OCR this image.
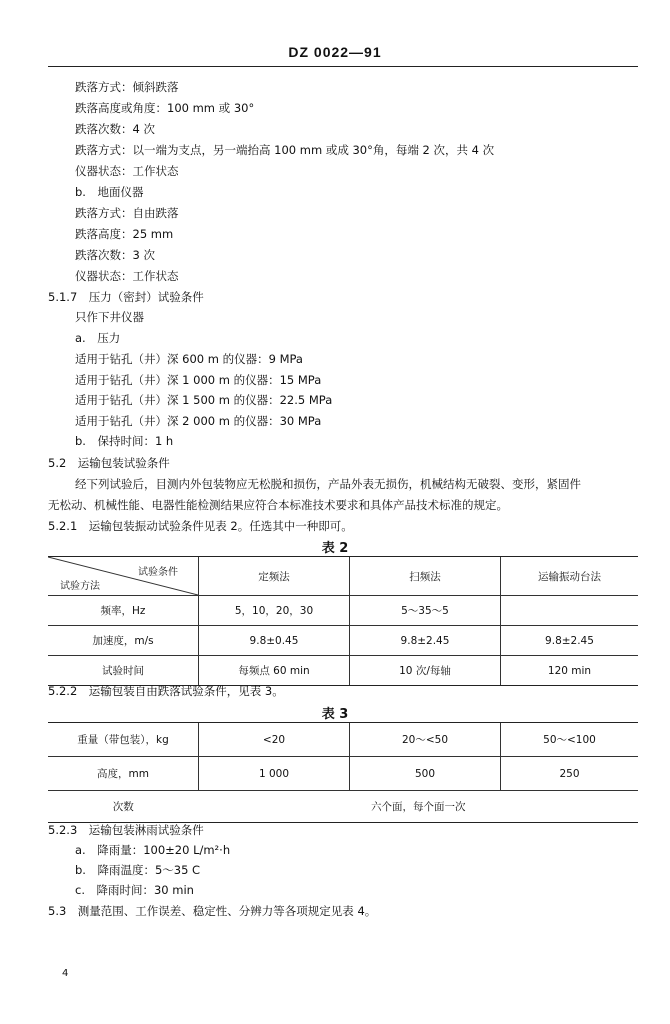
DZ 0022—91
跌落方式：倾斜跌落
跌落高度或角度：100 mm 或 30°
跌落次数：4 次
跌落方式：以一端为支点，另一端抬高 100 mm 或成 30°角，每端 2 次，共 4 次
仪器状态：工作状态
b.　地面仪器
跌落方式：自由跌落
跌落高度：25 mm
跌落次数：3 次
仪器状态：工作状态
5.1.7　压力（密封）试验条件
只作下井仪器
a.　压力
适用于钻孔（井）深 600 m 的仪器：9 MPa
适用于钻孔（井）深 1 000 m 的仪器：15 MPa
适用于钻孔（井）深 1 500 m 的仪器：22.5 MPa
适用于钻孔（井）深 2 000 m 的仪器：30 MPa
b.　保持时间：1 h
5.2　运输包装试验条件
经下列试验后，目测内外包装物应无松脱和损伤，产品外表无损伤，机械结构无破裂、变形，紧固件
无松动、机械性能、电器性能检测结果应符合本标准技术要求和具体产品技术标准的规定。
5.2.1　运输包装振动试验条件见表 2。任选其中一种即可。
表 2
试验条件
试验方法	定频法	扫频法	运输振动台法
频率，Hz	5，10，20，30	5～35～5	
加速度，m/s	9.8±0.45	9.8±2.45	9.8±2.45
试验时间	每频点 60 min	10 次/每轴	120 min
5.2.2　运输包装自由跌落试验条件，见表 3。
表 3
重量（带包装），kg	<20	20～<50	50～<100
高度，mm	1 000	500	250
次数	六个面，每个面一次		
5.2.3　运输包装淋雨试验条件
a.　降雨量：100±20 L/m²·h
b.　降雨温度：5～35 C
c.　降雨时间：30 min
5.3　测量范围、工作误差、稳定性、分辨力等各项规定见表 4。
4
